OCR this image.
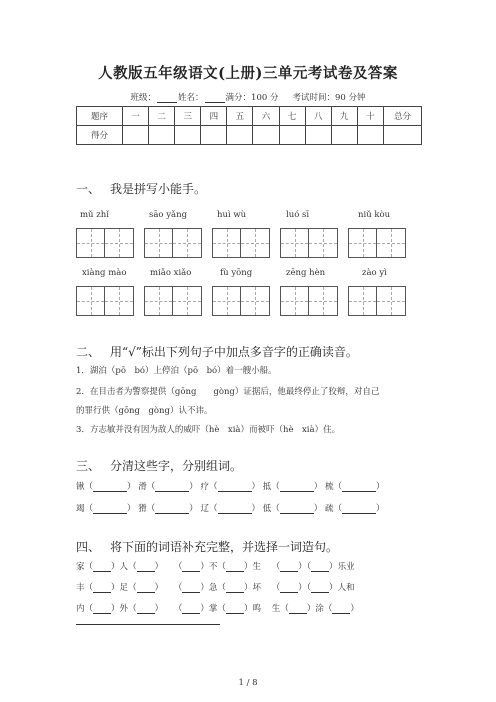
人教版五年级语文(上册)三单元考试卷及答案
班级：	姓名：	满分：100 分 考试时间：90 分钟
题序	一	二	三	四	五	六	七	八	九	十	总分
得分											
一、 我是拼写小能手。
mǔ zhǐ	sāo yǎng	huì wù	luó sī	niǔ kòu
xiàng mào	miǎo xiǎo	fù yōng	zēng hèn	zào yì
二、 用“√”标出下列句子中加点多音字的正确读音。
1．湖泊（pō　bó）上停泊（pō　bó）着一艘小船。
2．在目击者为警察提供（gōng　　gòng）证据后，他最终停止了狡辩，对自己
的罪行供（gōng　gòng）认不讳。
3．方志敏并没有因为敌人的威吓（hè　xià）而被吓（hè　xià）住。
三、 分清这些字，分别组词。
锹（	） 滑（	） 疗（	） 抵（	） 梳（	）
竭（	） 猾（	） 辽（	） 低（	） 疏（	）
四、 将下面的词语补充完整，并选择一词造句。
家（ ）人（ ）    （ ）不（ ）生    （ ）（ ）乐业
丰（ ）足（ ）    （ ）急（ ）坏    （ ）（ ）人和
内（ ）外（ ）    （ ）掌（ ）鸣 生（ ）涂（ ）
1 / 8
